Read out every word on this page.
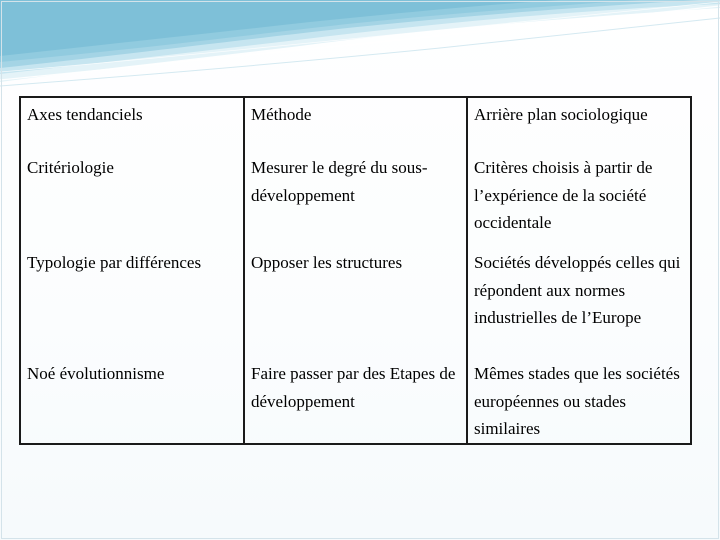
Axes tendanciels	Méthode	Arrière plan sociologique

Critériologie	Mesurer le degré du sous-développement	Critères choisis à partir de l’expérience de la société occidentale

Typologie par différences	Opposer les structures	Sociétés développés celles qui répondent aux normes industrielles de l’Europe

Noé évolutionnisme	Faire passer par des Etapes de développement	Mêmes stades que les sociétés européennes ou stades similaires
